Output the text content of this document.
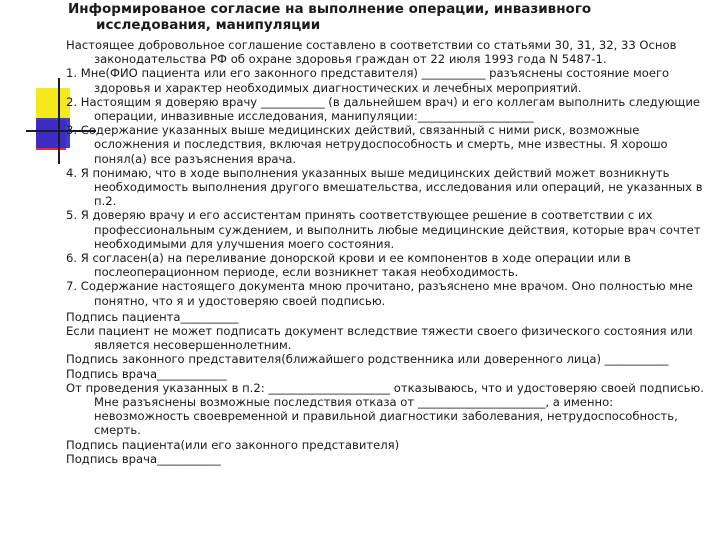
Информированое согласие на выполнение операции, инвазивного
исследования, манипуляции

Настоящее добровольное соглашение составлено в соответствии со статьями 30, 31, 32, 33 Основ законодательства РФ об охране здоровья граждан от 22 июля 1993 года N 5487-1.

1. Мне(ФИО пациента или его законного представителя) ___________ разъяснены состояние моего здоровья и характер необходимых диагностических и лечебных мероприятий.

2. Настоящим я доверяю врачу ___________ (в дальнейшем врач) и его коллегам выполнить следующие операции, инвазивные исследования, манипуляции:____________________

3. Содержание указанных выше медицинских действий, связанный с ними риск, возможные осложнения и последствия, включая нетрудоспособность и смерть, мне известны. Я хорошо понял(а) все разъяснения врача.

4. Я понимаю, что в ходе выполнения указанных выше медицинских действий может возникнуть необходимость выполнения другого вмешательства, исследования или операций, не указанных в п.2.

5. Я доверяю врачу и его ассистентам принять соответствующее решение в соответствии с их профессиональным суждением, и выполнить любые медицинские действия, которые врач сочтет необходимыми для улучшения моего состояния.

6. Я согласен(а) на переливание донорской крови и ее компонентов в ходе операции или в послеоперационном периоде, если возникнет такая необходимость.

7. Содержание настоящего документа мною прочитано, разъяснено мне врачом. Оно полностью мне понятно, что я и удостоверяю своей подписью.

Подпись пациента__________

Если пациент не может подписать документ вследствие тяжести своего физического состояния или является несовершеннолетним.

Подпись законного представителя(ближайшего родственника или доверенного лица) ___________

Подпись врача____________

От проведения указанных в п.2: _____________________ отказываюсь, что и удостоверяю своей подписью. Мне разъяснены возможные последствия отказа от ______________________, а именно: невозможность своевременной и правильной диагностики заболевания, нетрудоспособность, смерть.

Подпись пациента(или его законного представителя)

Подпись врача___________
